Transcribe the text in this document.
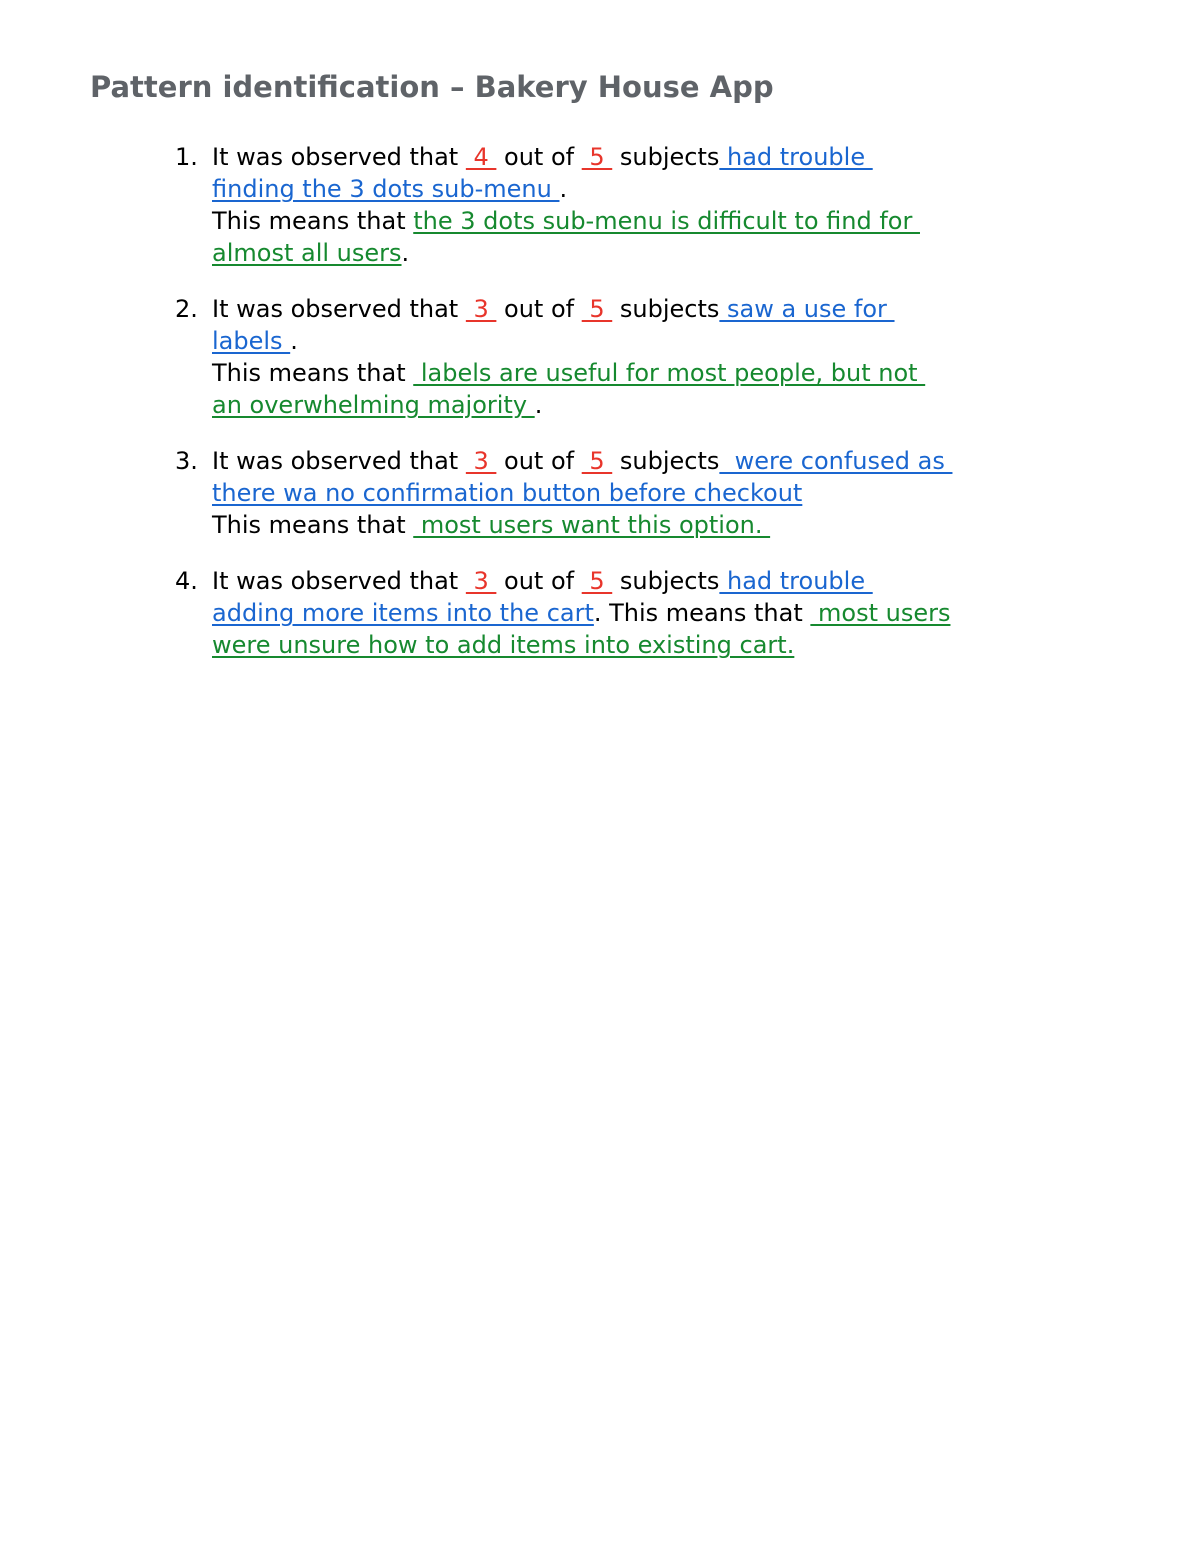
Pattern identification – Bakery House App
1. It was observed that  4  out of  5  subjects had trouble
finding the 3 dots sub-menu .
This means that the 3 dots sub-menu is difficult to find for
almost all users.
2. It was observed that  3  out of  5  subjects saw a use for
labels .
This means that  labels are useful for most people, but not
an overwhelming majority .
3. It was observed that  3  out of  5  subjects  were confused as
there wa no confirmation button before checkout
This means that  most users want this option.
4. It was observed that  3  out of  5  subjects had trouble
adding more items into the cart. This means that  most users
were unsure how to add items into existing cart.
